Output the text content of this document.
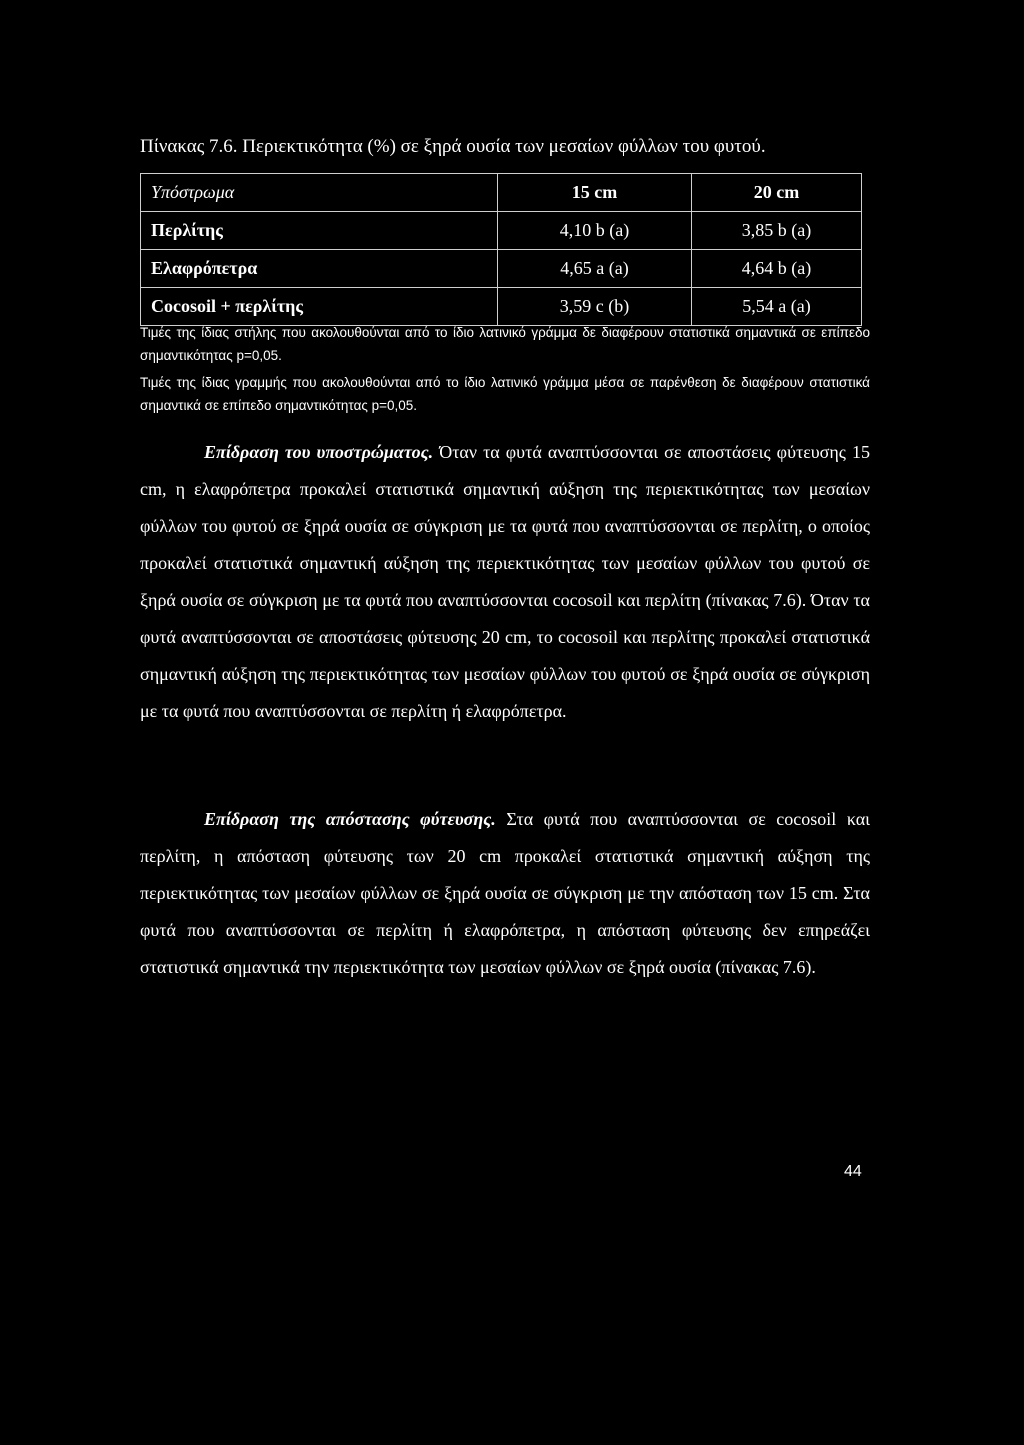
Πίνακας 7.6. Περιεκτικότητα (%) σε ξηρά ουσία των μεσαίων φύλλων του φυτού.
Υπόστρωμα	15 cm	20 cm
Περλίτης	4,10 b (a)	3,85 b (a)
Ελαφρόπετρα	4,65 a (a)	4,64 b (a)
Cocosoil + περλίτης	3,59 c (b)	5,54 a (a)

Τιμές της ίδιας στήλης που ακολουθούνται από το ίδιο λατινικό γράμμα δε διαφέρουν στατιστικά σημαντικά σε επίπεδο σημαντικότητας p=0,05.

Τιμές της ίδιας γραμμής που ακολουθούνται από το ίδιο λατινικό γράμμα μέσα σε παρένθεση δε διαφέρουν στατιστικά σημαντικά σε επίπεδο σημαντικότητας p=0,05.

Επίδραση του υποστρώματος. Όταν τα φυτά αναπτύσσονται σε αποστάσεις φύτευσης 15 cm, η ελαφρόπετρα προκαλεί στατιστικά σημαντική αύξηση της περιεκτικότητας των μεσαίων φύλλων του φυτού σε ξηρά ουσία σε σύγκριση με τα φυτά που αναπτύσσονται σε περλίτη, ο οποίος προκαλεί στατιστικά σημαντική αύξηση της περιεκτικότητας των μεσαίων φύλλων του φυτού σε ξηρά ουσία σε σύγκριση με τα φυτά που αναπτύσσονται cocosoil και περλίτη (πίνακας 7.6). Όταν τα φυτά αναπτύσσονται σε αποστάσεις φύτευσης 20 cm, το cocosoil και περλίτης προκαλεί στατιστικά σημαντική αύξηση της περιεκτικότητας των μεσαίων φύλλων του φυτού σε ξηρά ουσία σε σύγκριση με τα φυτά που αναπτύσσονται σε περλίτη ή ελαφρόπετρα.

Επίδραση της απόστασης φύτευσης. Στα φυτά που αναπτύσσονται σε cocosoil και περλίτη, η απόσταση φύτευσης των 20 cm προκαλεί στατιστικά σημαντική αύξηση της περιεκτικότητας των μεσαίων φύλλων σε ξηρά ουσία σε σύγκριση με την απόσταση των 15 cm. Στα φυτά που αναπτύσσονται σε περλίτη ή ελαφρόπετρα, η απόσταση φύτευσης δεν επηρεάζει στατιστικά σημαντικά την περιεκτικότητα των μεσαίων φύλλων σε ξηρά ουσία (πίνακας 7.6).

44
